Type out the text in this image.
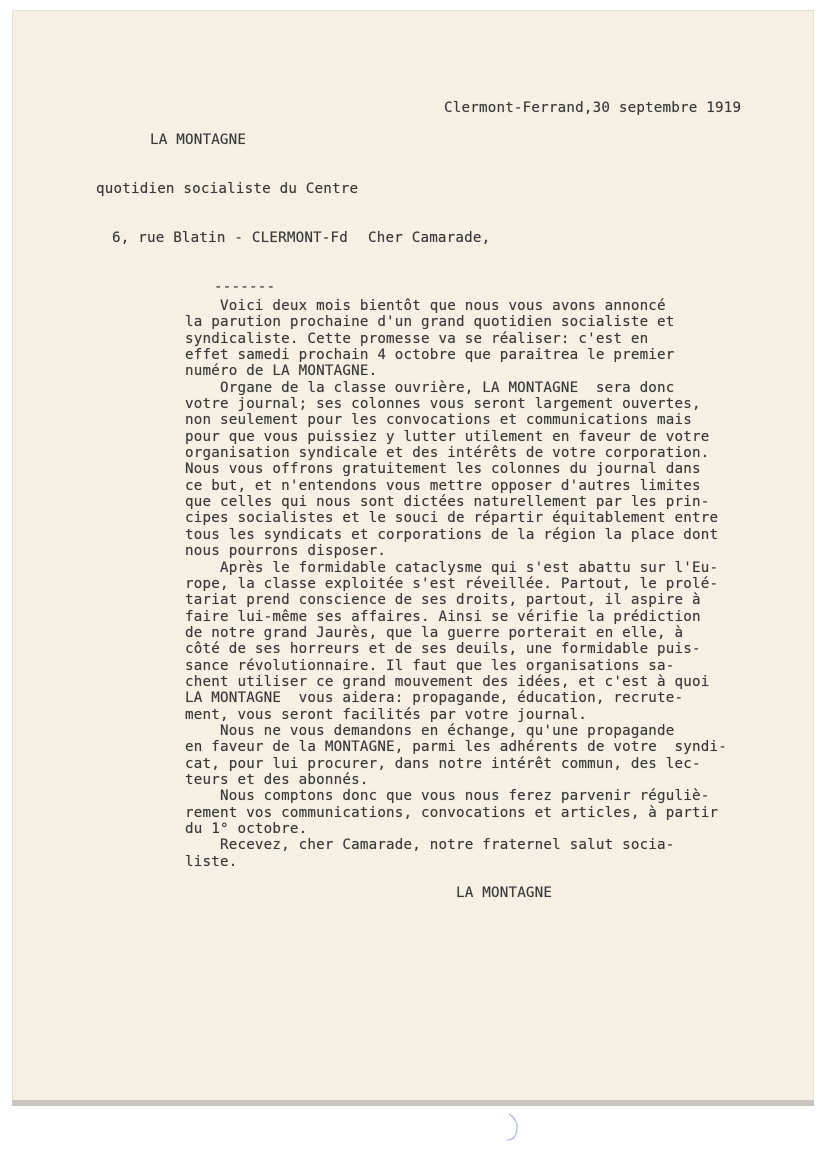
LA MONTAGNE

quotidien socialiste du Centre

6, rue Blatin - CLERMONT-Fd

-------

Clermont-Ferrand,30 septembre 1919
Cher Camarade,
Voici deux mois bientôt que nous vous avons annoncé
la parution prochaine d'un grand quotidien socialiste et
syndicaliste. Cette promesse va se réaliser: c'est en
effet samedi prochain 4 octobre que paraitrea le premier
numéro de LA MONTAGNE.
Organe de la classe ouvrière, LA MONTAGNE  sera donc
votre journal; ses colonnes vous seront largement ouvertes,
non seulement pour les convocations et communications mais
pour que vous puissiez y lutter utilement en faveur de votre
organisation syndicale et des intérêts de votre corporation.
Nous vous offrons gratuitement les colonnes du journal dans
ce but, et n'entendons vous mettre opposer d'autres limites
que celles qui nous sont dictées naturellement par les prin-
cipes socialistes et le souci de répartir équitablement entre
tous les syndicats et corporations de la région la place dont
nous pourrons disposer.
Après le formidable cataclysme qui s'est abattu sur l'Eu-
rope, la classe exploitée s'est réveillée. Partout, le prolé-
tariat prend conscience de ses droits, partout, il aspire à
faire lui-même ses affaires. Ainsi se vérifie la prédiction
de notre grand Jaurès, que la guerre porterait en elle, à
côté de ses horreurs et de ses deuils, une formidable puis-
sance révolutionnaire. Il faut que les organisations sa-
chent utiliser ce grand mouvement des idées, et c'est à quoi
LA MONTAGNE  vous aidera: propagande, éducation, recrute-
ment, vous seront facilités par votre journal.
Nous ne vous demandons en échange, qu'une propagande
en faveur de la MONTAGNE, parmi les adhérents de votre  syndi-
cat, pour lui procurer, dans notre intérêt commun, des lec-
teurs et des abonnés.
Nous comptons donc que vous nous ferez parvenir réguliè-
rement vos communications, convocations et articles, à partir
du 1° octobre.
Recevez, cher Camarade, notre fraternel salut socia-
liste.
LA MONTAGNE
